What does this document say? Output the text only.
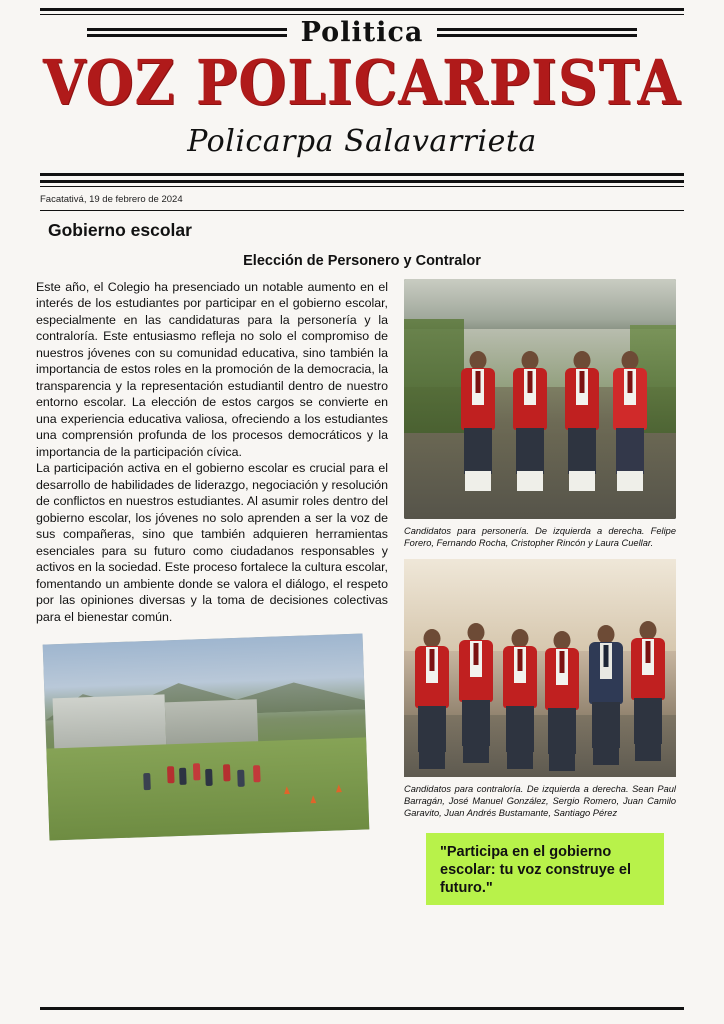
Politica
VOZ POLICARPISTA
Policarpa Salavarrieta
Facatativá, 19 de febrero de 2024
Gobierno escolar
Elección de Personero y Contralor

Este año, el Colegio ha presenciado un notable aumento en el interés de los estudiantes por participar en el gobierno escolar, especialmente en las candidaturas para la personería y la contraloría. Este entusiasmo refleja no solo el compromiso de nuestros jóvenes con su comunidad educativa, sino también la importancia de estos roles en la promoción de la democracia, la transparencia y la representación estudiantil dentro de nuestro entorno escolar. La elección de estos cargos se convierte en una experiencia educativa valiosa, ofreciendo a los estudiantes una comprensión profunda de los procesos democráticos y la importancia de la participación cívica.

La participación activa en el gobierno escolar es crucial para el desarrollo de habilidades de liderazgo, negociación y resolución de conflictos en nuestros estudiantes. Al asumir roles dentro del gobierno escolar, los jóvenes no solo aprenden a ser la voz de sus compañeras, sino que también adquieren herramientas esenciales para su futuro como ciudadanos responsables y activos en la sociedad. Este proceso fortalece la cultura escolar, fomentando un ambiente donde se valora el diálogo, el respeto por las opiniones diversas y la toma de decisiones colectivas para el bienestar común.

Candidatos para personería. De izquierda a derecha. Felipe Forero, Fernando Rocha, Cristopher Rincón y Laura Cuellar.
Candidatos para contraloría. De izquierda a derecha. Sean Paul Barragán, José Manuel González, Sergio Romero, Juan Camilo Garavito, Juan Andrés Bustamante, Santiago Pérez
"Participa en el gobierno escolar: tu voz construye el futuro."
